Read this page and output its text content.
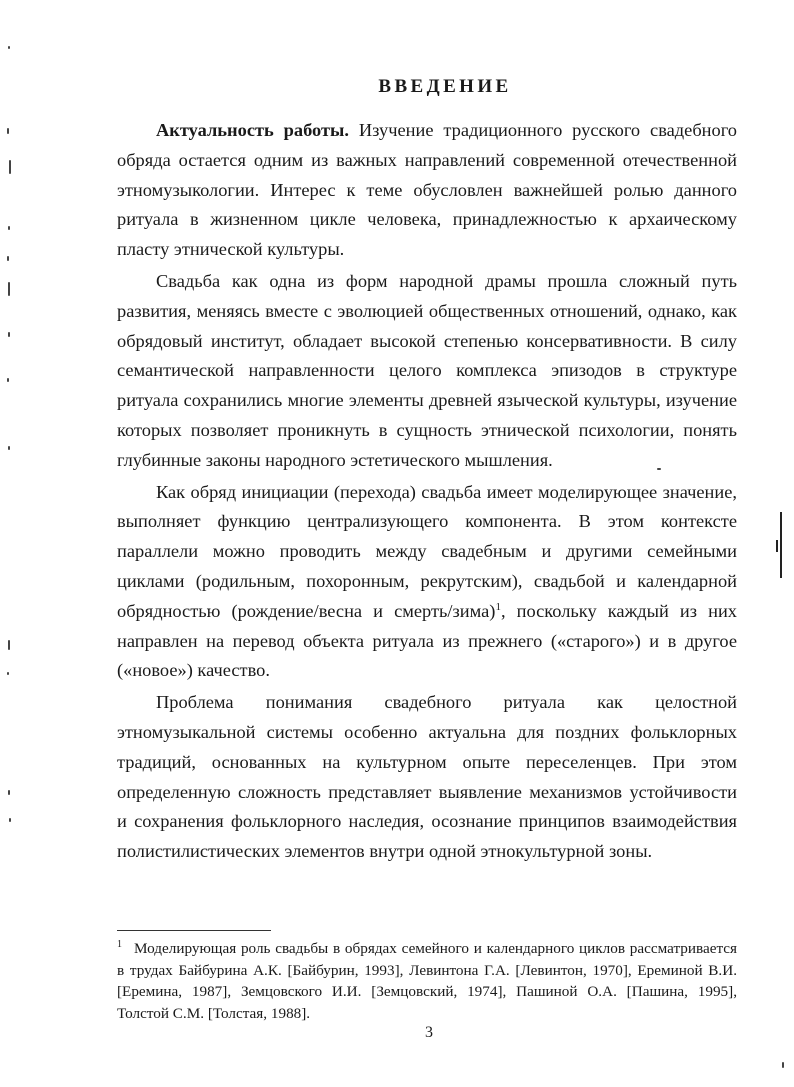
ВВЕДЕНИЕ

Актуальность работы. Изучение традиционного русского свадебного обряда остается одним из важных направлений современной отечественной этномузыкологии. Интерес к теме обусловлен важнейшей ролью данного ритуала в жизненном цикле человека, принадлежностью к архаическому пласту этнической культуры.

Свадьба как одна из форм народной драмы прошла сложный путь развития, меняясь вместе с эволюцией общественных отношений, однако, как обрядовый институт, обладает высокой степенью консервативности. В силу семантической направленности целого комплекса эпизодов в структуре ритуала сохранились многие элементы древней языческой культуры, изучение которых позволяет проникнуть в сущность этнической психологии, понять глубинные законы народного эстетического мышления.

Как обряд инициации (перехода) свадьба имеет моделирующее значение, выполняет функцию централизующего компонента. В этом контексте параллели можно проводить между свадебным и другими семейными циклами (родильным, похоронным, рекрутским), свадьбой и календарной обрядностью (рождение/весна и смерть/зима)$^1$, поскольку каждый из них направлен на перевод объекта ритуала из прежнего («старого») и в другое («новое») качество.

Проблема понимания свадебного ритуала как целостной этномузыкальной системы особенно актуальна для поздних фольклорных традиций, основанных на культурном опыте переселенцев. При этом определенную сложность представляет выявление механизмов устойчивости и сохранения фольклорного наследия, осознание принципов взаимодействия полистилистических элементов внутри одной этнокультурной зоны.

$^1$ Моделирующая роль свадьбы в обрядах семейного и календарного циклов рассматривается в трудах Байбурина А.К. [Байбурин, 1993], Левинтона Г.А. [Левинтон, 1970], Ереминой В.И. [Еремина, 1987], Земцовского И.И. [Земцовский, 1974], Пашиной О.А. [Пашина, 1995], Толстой С.М. [Толстая, 1988].

3
